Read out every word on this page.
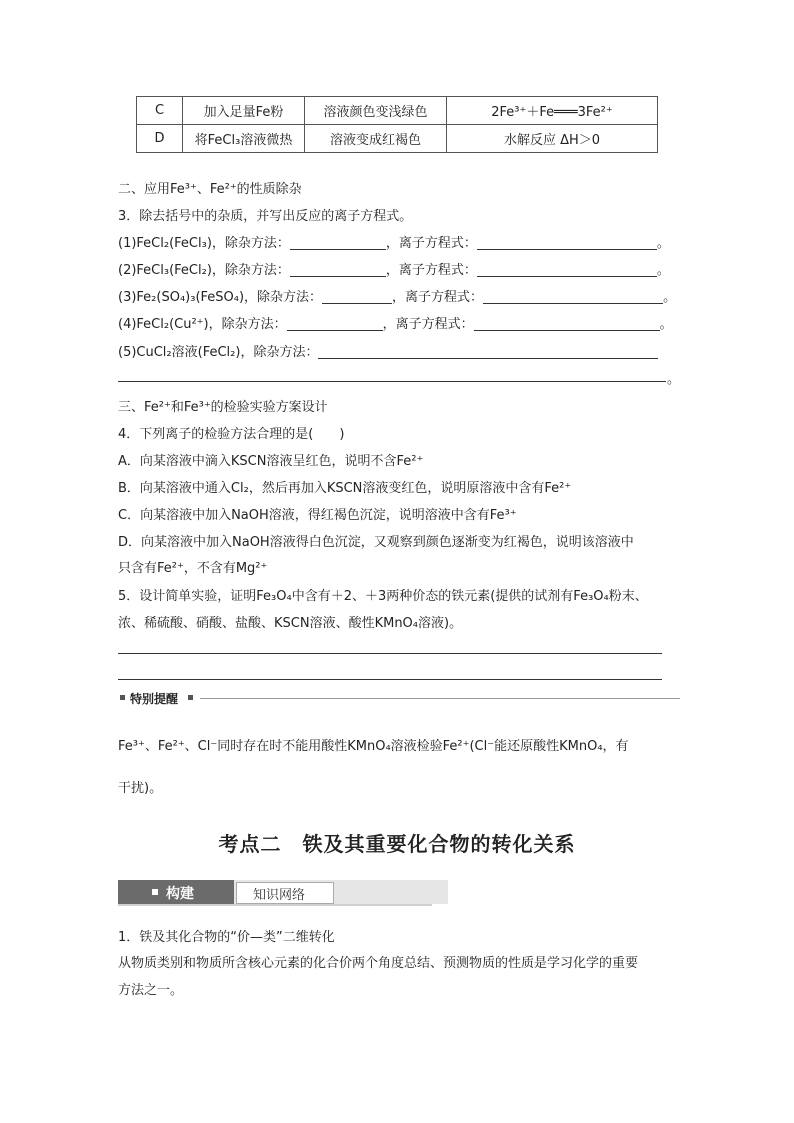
C	加入足量Fe粉	溶液颜色变浅绿色	2Fe³⁺＋Fe═══3Fe²⁺
D	将FeCl₃溶液微热	溶液变成红褐色	水解反应 ΔH＞0
二、应用Fe³⁺、Fe²⁺的性质除杂
3．除去括号中的杂质，并写出反应的离子方程式。
(1)FeCl₂(FeCl₃)，除杂方法：	，离子方程式：	。
(2)FeCl₃(FeCl₂)，除杂方法：	，离子方程式：	。
(3)Fe₂(SO₄)₃(FeSO₄)，除杂方法：	，离子方程式：	。
(4)FeCl₂(Cu²⁺)，除杂方法：	，离子方程式：	。
(5)CuCl₂溶液(FeCl₂)，除杂方法：
。
三、Fe²⁺和Fe³⁺的检验实验方案设计
4．下列离子的检验方法合理的是(　　)
A．向某溶液中滴入KSCN溶液呈红色，说明不含Fe²⁺
B．向某溶液中通入Cl₂，然后再加入KSCN溶液变红色，说明原溶液中含有Fe²⁺
C．向某溶液中加入NaOH溶液，得红褐色沉淀，说明溶液中含有Fe³⁺
D．向某溶液中加入NaOH溶液得白色沉淀，又观察到颜色逐渐变为红褐色，说明该溶液中
只含有Fe²⁺，不含有Mg²⁺
5．设计简单实验，证明Fe₃O₄中含有＋2、＋3两种价态的铁元素(提供的试剂有Fe₃O₄粉末、
浓、稀硫酸、硝酸、盐酸、KSCN溶液、酸性KMnO₄溶液)。
特别提醒
Fe³⁺、Fe²⁺、Cl⁻同时存在时不能用酸性KMnO₄溶液检验Fe²⁺(Cl⁻能还原酸性KMnO₄，有
干扰)。
考点二　铁及其重要化合物的转化关系
构建	知识网络
1．铁及其化合物的“价—类”二维转化
从物质类别和物质所含核心元素的化合价两个角度总结、预测物质的性质是学习化学的重要
方法之一。
